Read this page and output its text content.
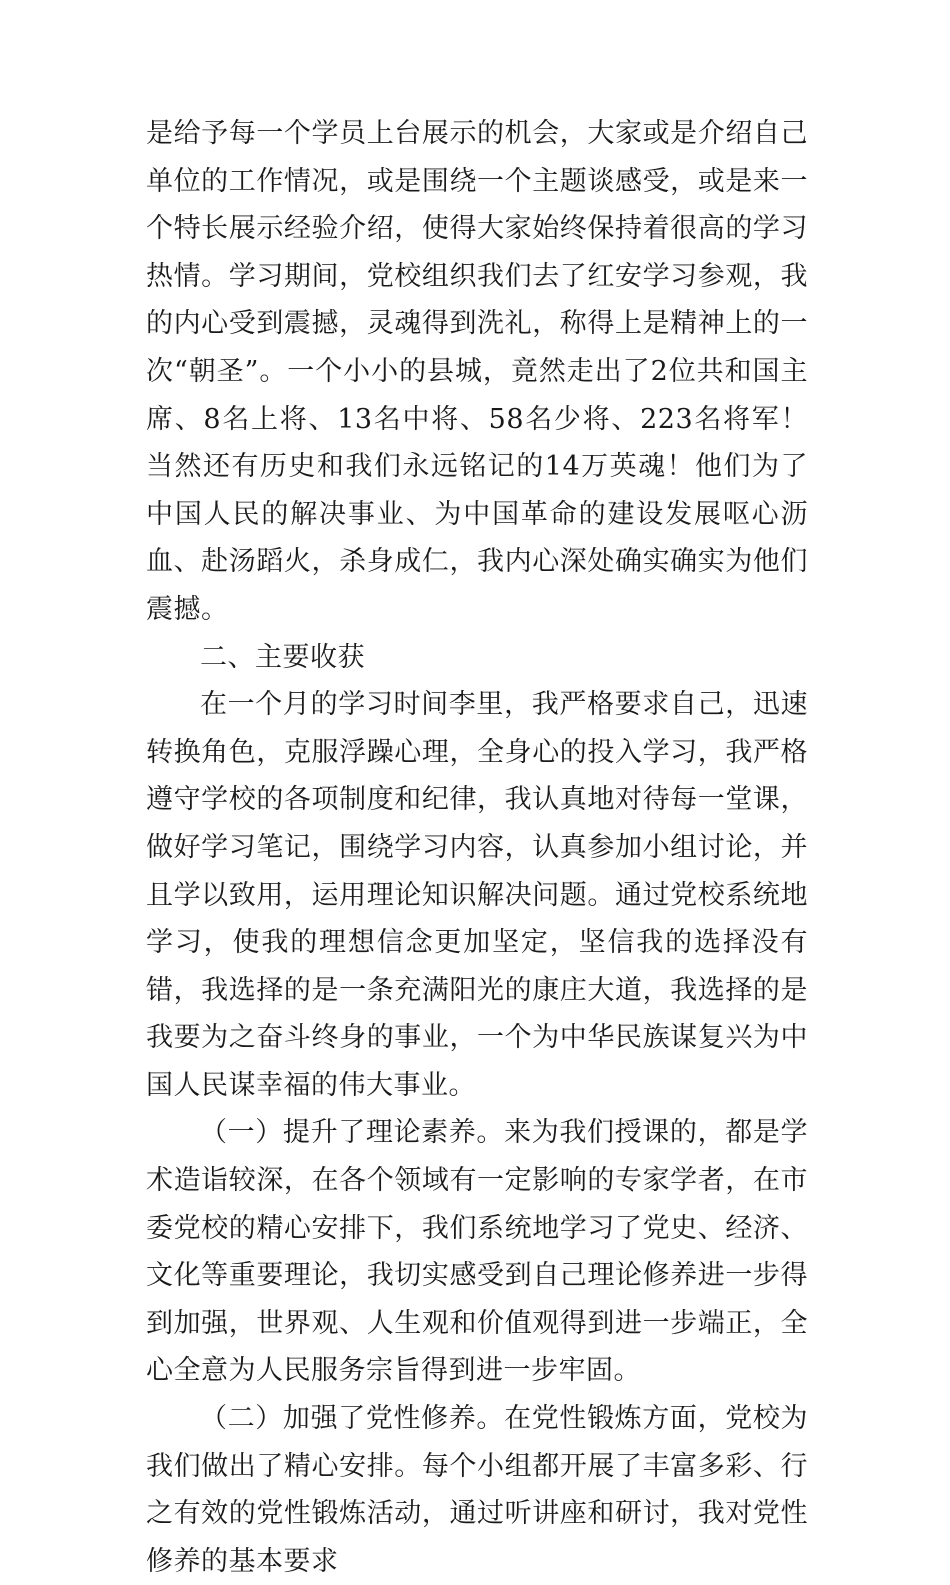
是给予每一个学员上台展示的机会，大家或是介绍自己单位的工作情况，或是围绕一个主题谈感受，或是来一个特长展示经验介绍，使得大家始终保持着很高的学习热情。学习期间，党校组织我们去了红安学习参观，我的内心受到震撼，灵魂得到洗礼，称得上是精神上的一次“朝圣”。一个小小的县城，竟然走出了2位共和国主席、8名上将、13名中将、58名少将、223名将军！当然还有历史和我们永远铭记的14万英魂！他们为了中国人民的解决事业、为中国革命的建设发展呕心沥血、赴汤蹈火，杀身成仁，我内心深处确实确实为他们震撼。

二、主要收获

在一个月的学习时间李里，我严格要求自己，迅速转换角色，克服浮躁心理，全身心的投入学习，我严格遵守学校的各项制度和纪律，我认真地对待每一堂课，做好学习笔记，围绕学习内容，认真参加小组讨论，并且学以致用，运用理论知识解决问题。通过党校系统地学习，使我的理想信念更加坚定，坚信我的选择没有错，我选择的是一条充满阳光的康庄大道，我选择的是我要为之奋斗终身的事业，一个为中华民族谋复兴为中国人民谋幸福的伟大事业。

（一）提升了理论素养。来为我们授课的，都是学术造诣较深，在各个领域有一定影响的专家学者，在市委党校的精心安排下，我们系统地学习了党史、经济、文化等重要理论，我切实感受到自己理论修养进一步得到加强，世界观、人生观和价值观得到进一步端正，全心全意为人民服务宗旨得到进一步牢固。

（二）加强了党性修养。在党性锻炼方面，党校为我们做出了精心安排。每个小组都开展了丰富多彩、行之有效的党性锻炼活动，通过听讲座和研讨，我对党性修养的基本要求
